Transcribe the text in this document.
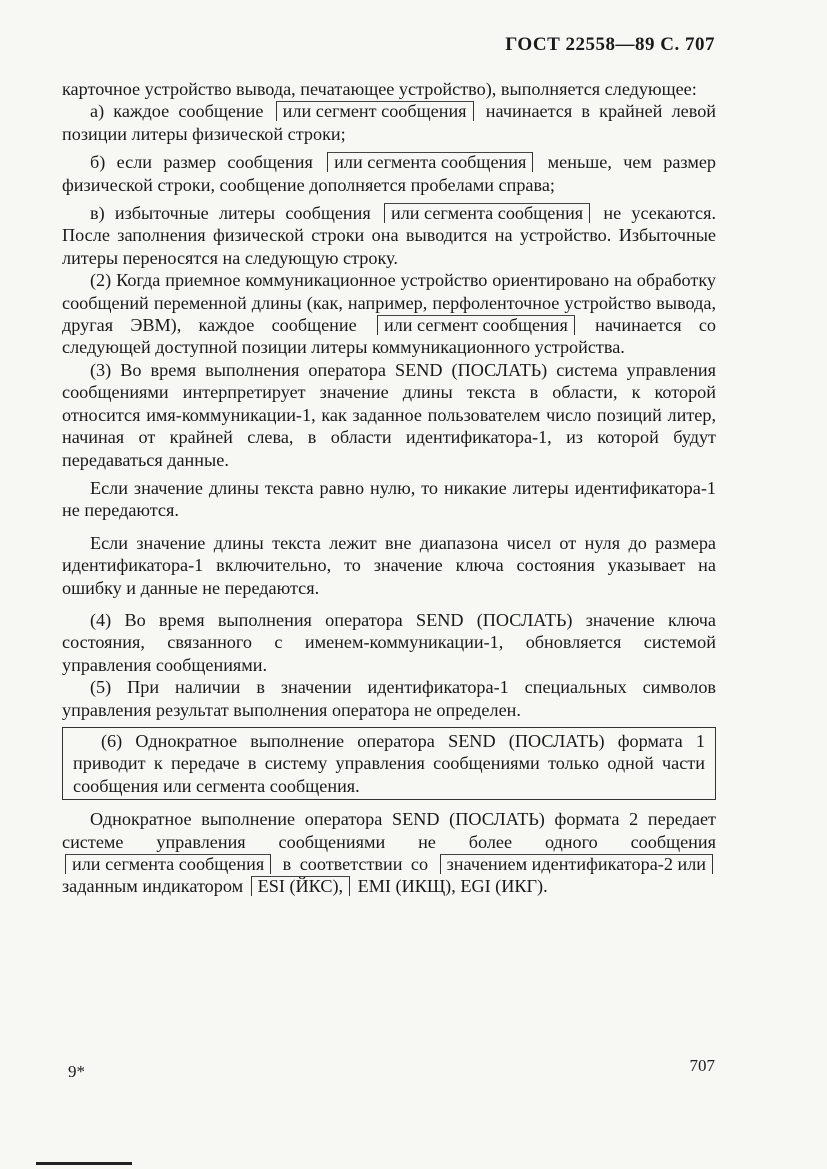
ГОСТ 22558—89 С. 707

карточное устройство вывода, печатающее устройство), выполняется следующее:

а) каждое сообщение или сегмент сообщения начинается в крайней левой позиции литеры физической строки;

б) если размер сообщения или сегмента сообщения меньше, чем размер физической строки, сообщение дополняется пробелами справа;

в) избыточные литеры сообщения или сегмента сообщения не усекаются. После заполнения физической строки она выводится на устройство. Избыточные литеры переносятся на следующую строку.

(2) Когда приемное коммуникационное устройство ориентировано на обработку сообщений переменной длины (как, например, перфоленточное устройство вывода, другая ЭВМ), каждое сообщение или сегмент сообщения начинается со следующей доступной позиции литеры коммуникационного устройства.

(3) Во время выполнения оператора SEND (ПОСЛАТЬ) система управления сообщениями интерпретирует значение длины текста в области, к которой относится имя-коммуникации-1, как заданное пользователем число позиций литер, начиная от крайней слева, в области идентификатора-1, из которой будут передаваться данные.

Если значение длины текста равно нулю, то никакие литеры идентификатора-1 не передаются.

Если значение длины текста лежит вне диапазона чисел от нуля до размера идентификатора-1 включительно, то значение ключа состояния указывает на ошибку и данные не передаются.

(4) Во время выполнения оператора SEND (ПОСЛАТЬ) значение ключа состояния, связанного с именем-коммуникации-1, обновляется системой управления сообщениями.

(5) При наличии в значении идентификатора-1 специальных символов управления результат выполнения оператора не определен.

(6) Однократное выполнение оператора SEND (ПОСЛАТЬ) формата 1 приводит к передаче в систему управления сообщениями только одной части сообщения или сегмента сообщения.

Однократное выполнение оператора SEND (ПОСЛАТЬ) формата 2 передает системе управления сообщениями не более одного сообщения или сегмента сообщения в соответствии со значением идентификатора-2 или заданным индикатором ESI (ЙКС), EMI (ИКЩ), EGI (ИКГ).

9*	707
